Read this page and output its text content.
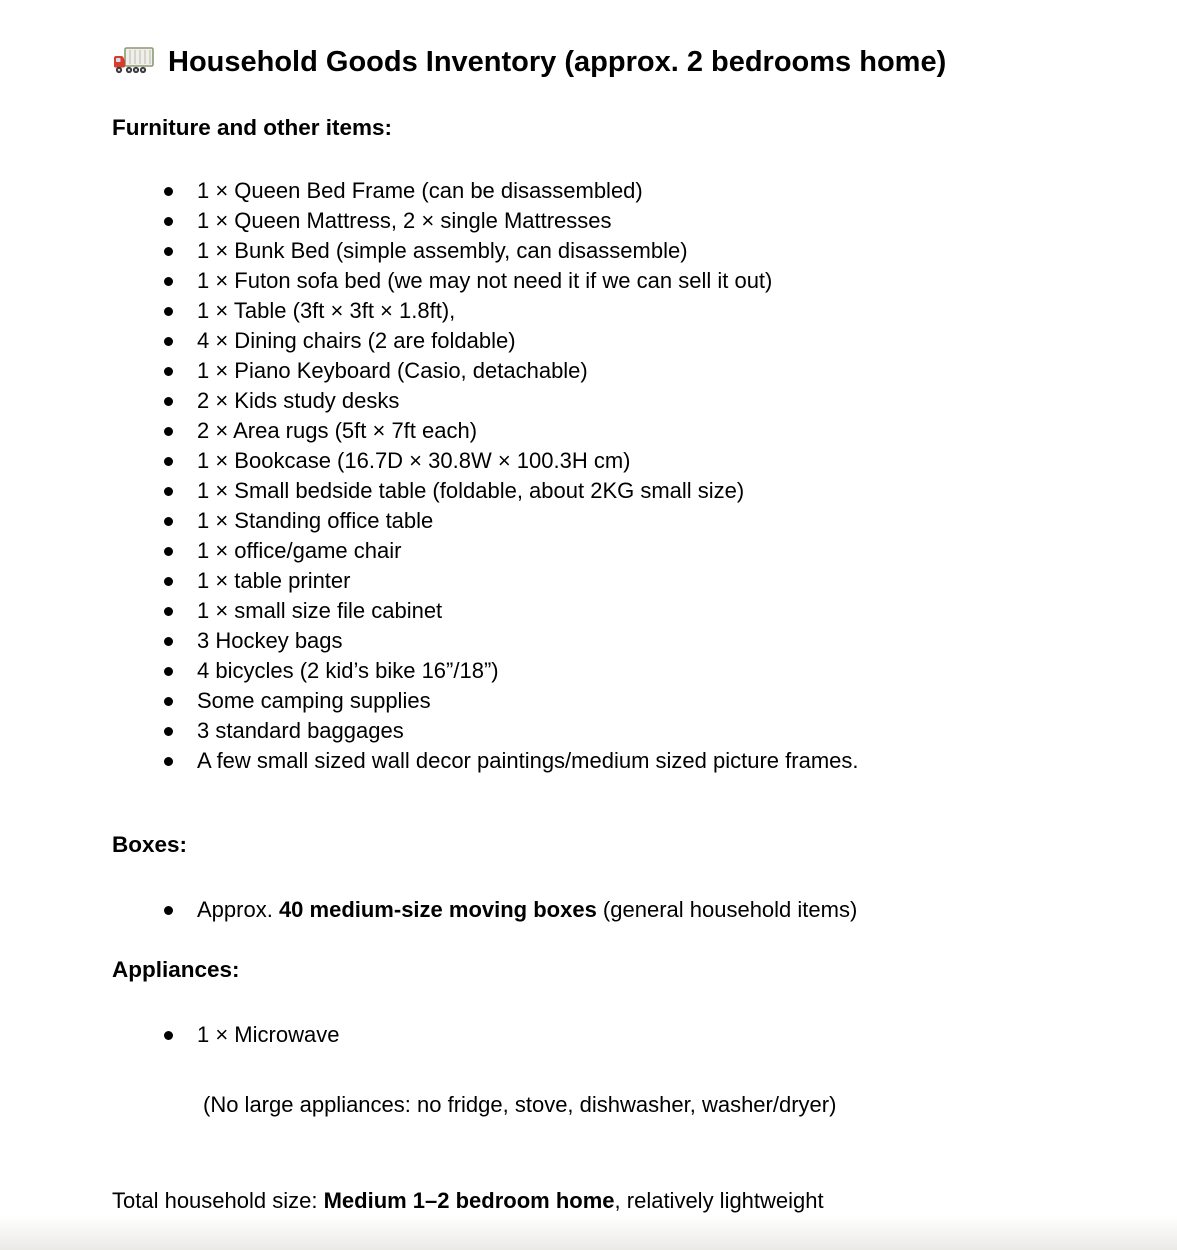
Household Goods Inventory (approx. 2 bedrooms home)
Furniture and other items:
1 × Queen Bed Frame (can be disassembled)
1 × Queen Mattress, 2 × single Mattresses
1 × Bunk Bed (simple assembly, can disassemble)
1 × Futon sofa bed (we may not need it if we can sell it out)
1 × Table (3ft × 3ft × 1.8ft),
4 × Dining chairs (2 are foldable)
1 × Piano Keyboard (Casio, detachable)
2 × Kids study desks
2 × Area rugs (5ft × 7ft each)
1 × Bookcase (16.7D × 30.8W × 100.3H cm)
1 × Small bedside table (foldable, about 2KG small size)
1 × Standing office table
1 × office/game chair
1 × table printer
1 × small size file cabinet
3 Hockey bags
4 bicycles (2 kid’s bike 16”/18”)
Some camping supplies
3 standard baggages
A few small sized wall decor paintings/medium sized picture frames.
Boxes:
Approx. 40 medium-size moving boxes (general household items)
Appliances:
1 × Microwave

(No large appliances: no fridge, stove, dishwasher, washer/dryer)

Total household size: Medium 1–2 bedroom home, relatively lightweight
